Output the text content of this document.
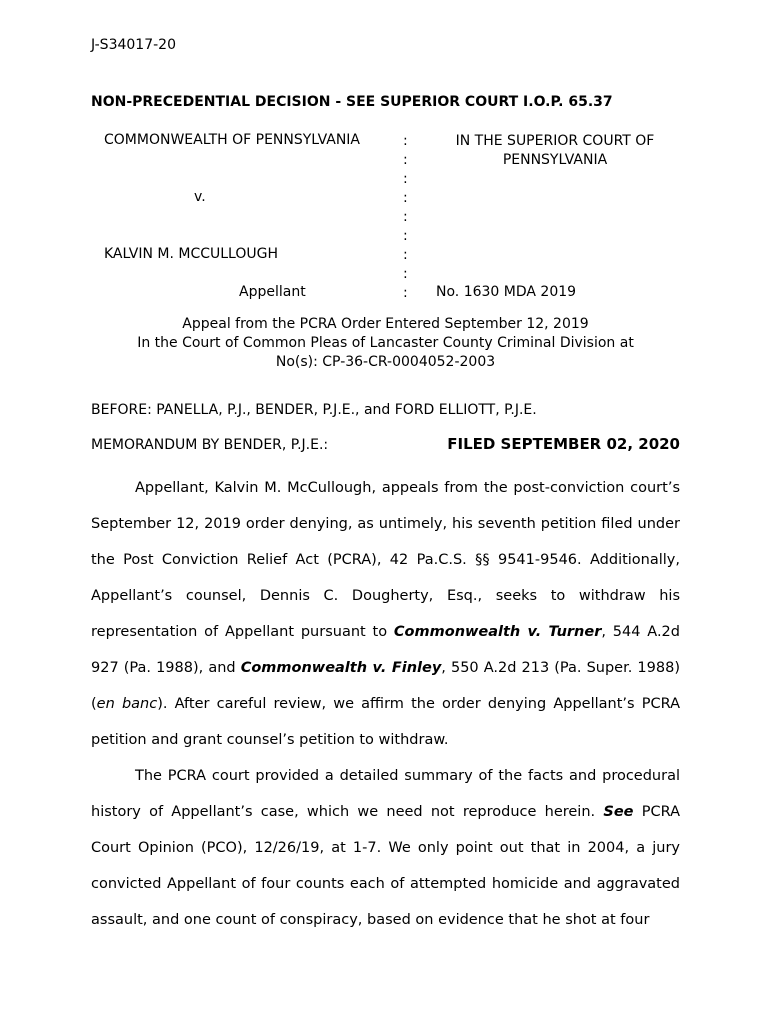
J-S34017-20
NON-PRECEDENTIAL DECISION - SEE SUPERIOR COURT I.O.P. 65.37
COMMONWEALTH OF PENNSYLVANIA
v.
KALVIN M. MCCULLOUGH
Appellant
:
:
:
:
:
:
:
:
:
IN THE SUPERIOR COURT OF
PENNSYLVANIA
No. 1630 MDA 2019
Appeal from the PCRA Order Entered September 12, 2019
In the Court of Common Pleas of Lancaster County Criminal Division at
No(s): CP-36-CR-0004052-2003
BEFORE: PANELLA, P.J., BENDER, P.J.E., and FORD ELLIOTT, P.J.E.
MEMORANDUM BY BENDER, P.J.E.:	FILED SEPTEMBER 02, 2020

Appellant, Kalvin M. McCullough, appeals from the post-conviction court’s September 12, 2019 order denying, as untimely, his seventh petition filed under the Post Conviction Relief Act (PCRA), 42 Pa.C.S. §§ 9541-9546. Additionally, Appellant’s counsel, Dennis C. Dougherty, Esq., seeks to withdraw his representation of Appellant pursuant to Commonwealth v. Turner, 544 A.2d 927 (Pa. 1988), and Commonwealth v. Finley, 550 A.2d 213 (Pa. Super. 1988) (en banc). After careful review, we affirm the order denying Appellant’s PCRA petition and grant counsel’s petition to withdraw.

The PCRA court provided a detailed summary of the facts and procedural history of Appellant’s case, which we need not reproduce herein. See PCRA Court Opinion (PCO), 12/26/19, at 1-7. We only point out that in 2004, a jury convicted Appellant of four counts each of attempted homicide and aggravated assault, and one count of conspiracy, based on evidence that he shot at four
